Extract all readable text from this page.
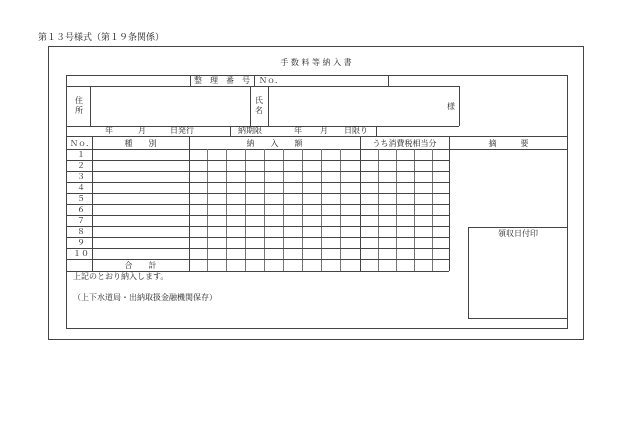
第１３号様式（第１９条関係）
手 数 料 等 納 入 書
整　理　番　号	Ｎｏ．
住
所
氏
名	様
年	月	日発行	納期限	年 月 日限り
Ｎｏ．	種　　別	納　　入　　額	うち消費税相当分	摘　　　要
１
２
３
４
５
６
７
８
９
１０
合　　計
領収日付印
上記のとおり納入します。
（上下水道局・出納取扱金融機関保存）
